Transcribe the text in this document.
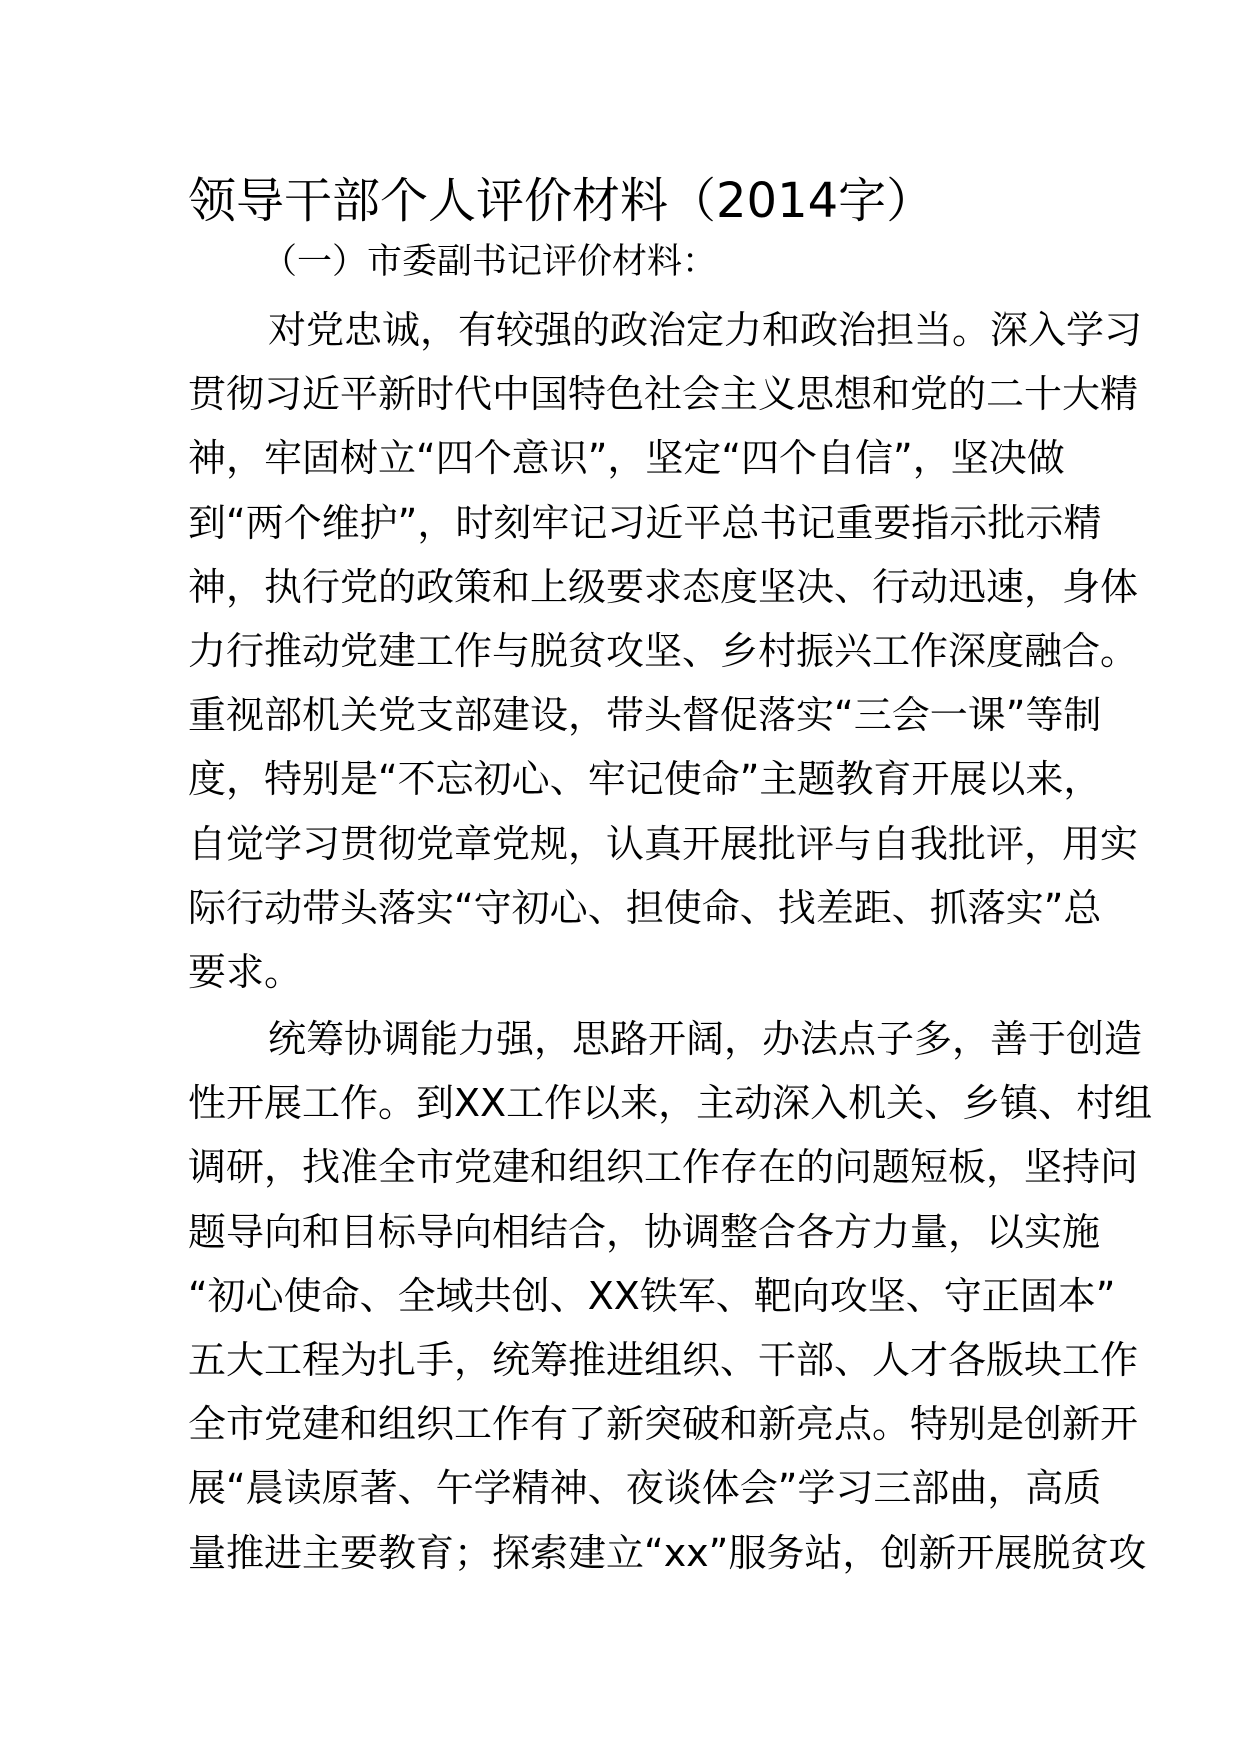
领导干部个人评价材料（2014字）
（一）市委副书记评价材料：
对党忠诚，有较强的政治定力和政治担当。深入学习
贯彻习近平新时代中国特色社会主义思想和党的二十大精
神，牢固树立“四个意识”，坚定“四个自信”，坚决做
到“两个维护”，时刻牢记习近平总书记重要指示批示精
神，执行党的政策和上级要求态度坚决、行动迅速，身体
力行推动党建工作与脱贫攻坚、乡村振兴工作深度融合。
重视部机关党支部建设，带头督促落实“三会一课”等制
度，特别是“不忘初心、牢记使命”主题教育开展以来，
自觉学习贯彻党章党规，认真开展批评与自我批评，用实
际行动带头落实“守初心、担使命、找差距、抓落实”总
要求。
统筹协调能力强，思路开阔，办法点子多，善于创造
性开展工作。到XX工作以来，主动深入机关、乡镇、村组
调研，找准全市党建和组织工作存在的问题短板，坚持问
题导向和目标导向相结合，协调整合各方力量，以实施
“初心使命、全域共创、XX铁军、靶向攻坚、守正固本”
五大工程为扎手，统筹推进组织、干部、人才各版块工作
全市党建和组织工作有了新突破和新亮点。特别是创新开
展“晨读原著、午学精神、夜谈体会”学习三部曲，高质
量推进主要教育；探索建立“xx”服务站，创新开展脱贫攻
